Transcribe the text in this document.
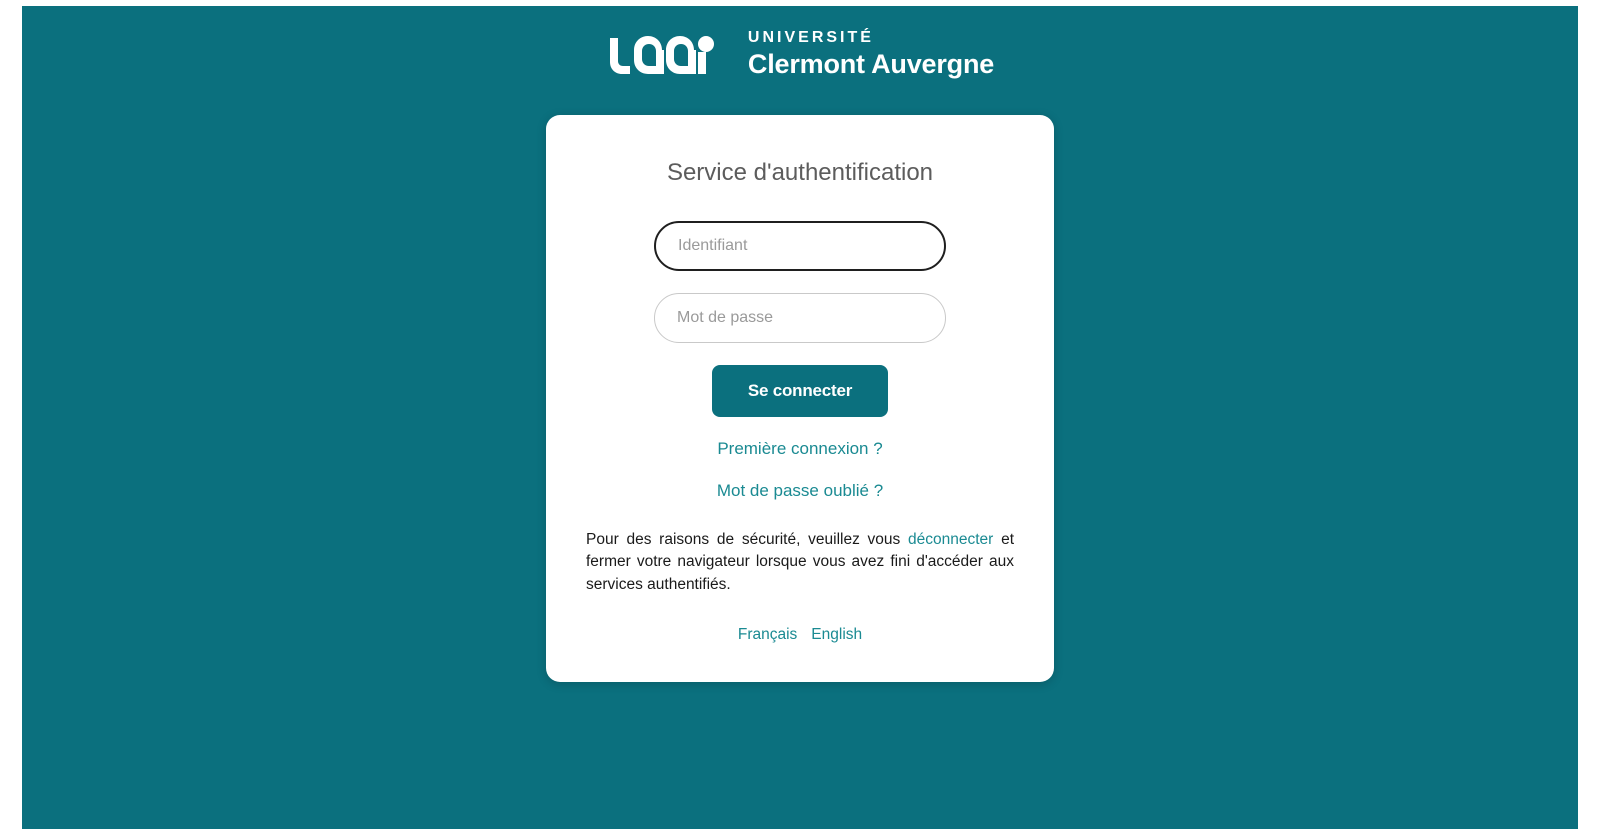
UNIVERSITÉ
Clermont Auvergne
Service d'authentification
Identifiant
Se connecter
Première connexion ?
Mot de passe oublié ?
Pour des raisons de sécurité, veuillez vous déconnecter et fermer votre navigateur lorsque vous avez fini d'accéder aux services authentifiés.
Français English
